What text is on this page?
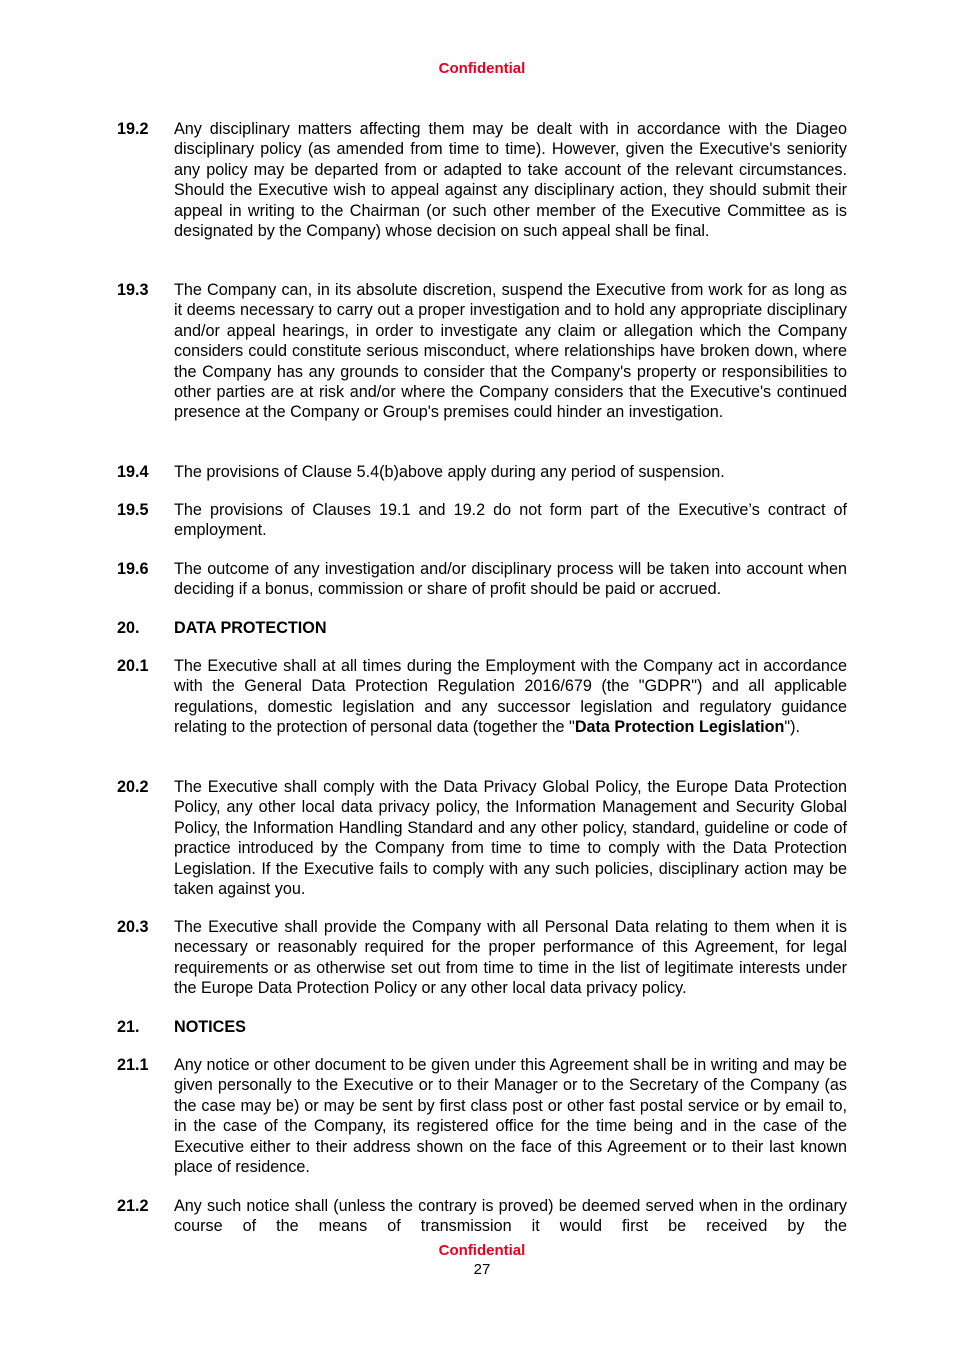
Confidential
19.2 Any disciplinary matters affecting them may be dealt with in accordance with the Diageo disciplinary policy (as amended from time to time). However, given the Executive's seniority any policy may be departed from or adapted to take account of the relevant circumstances. Should the Executive wish to appeal against any disciplinary action, they should submit their appeal in writing to the Chairman (or such other member of the Executive Committee as is designated by the Company) whose decision on such appeal shall be final.
19.3 The Company can, in its absolute discretion, suspend the Executive from work for as long as it deems necessary to carry out a proper investigation and to hold any appropriate disciplinary and/or appeal hearings, in order to investigate any claim or allegation which the Company considers could constitute serious misconduct, where relationships have broken down, where the Company has any grounds to consider that the Company's property or responsibilities to other parties are at risk and/or where the Company considers that the Executive's continued presence at the Company or Group's premises could hinder an investigation.
19.4 The provisions of Clause 5.4(b)above apply during any period of suspension.
19.5 The provisions of Clauses 19.1 and 19.2 do not form part of the Executive’s contract of employment.
19.6 The outcome of any investigation and/or disciplinary process will be taken into account when deciding if a bonus, commission or share of profit should be paid or accrued.
20. DATA PROTECTION
20.1 The Executive shall at all times during the Employment with the Company act in accordance with the General Data Protection Regulation 2016/679 (the "GDPR") and all applicable regulations, domestic legislation and any successor legislation and regulatory guidance relating to the protection of personal data (together the "Data Protection Legislation").
20.2 The Executive shall comply with the Data Privacy Global Policy, the Europe Data Protection Policy, any other local data privacy policy, the Information Management and Security Global Policy, the Information Handling Standard and any other policy, standard, guideline or code of practice introduced by the Company from time to time to comply with the Data Protection Legislation. If the Executive fails to comply with any such policies, disciplinary action may be taken against you.
20.3 The Executive shall provide the Company with all Personal Data relating to them when it is necessary or reasonably required for the proper performance of this Agreement, for legal requirements or as otherwise set out from time to time in the list of legitimate interests under the Europe Data Protection Policy or any other local data privacy policy.
21. NOTICES
21.1 Any notice or other document to be given under this Agreement shall be in writing and may be given personally to the Executive or to their Manager or to the Secretary of the Company (as the case may be) or may be sent by first class post or other fast postal service or by email to, in the case of the Company, its registered office for the time being and in the case of the Executive either to their address shown on the face of this Agreement or to their last known place of residence.
21.2 Any such notice shall (unless the contrary is proved) be deemed served when in the ordinary course of the means of transmission it would first be received by the
Confidential
27
